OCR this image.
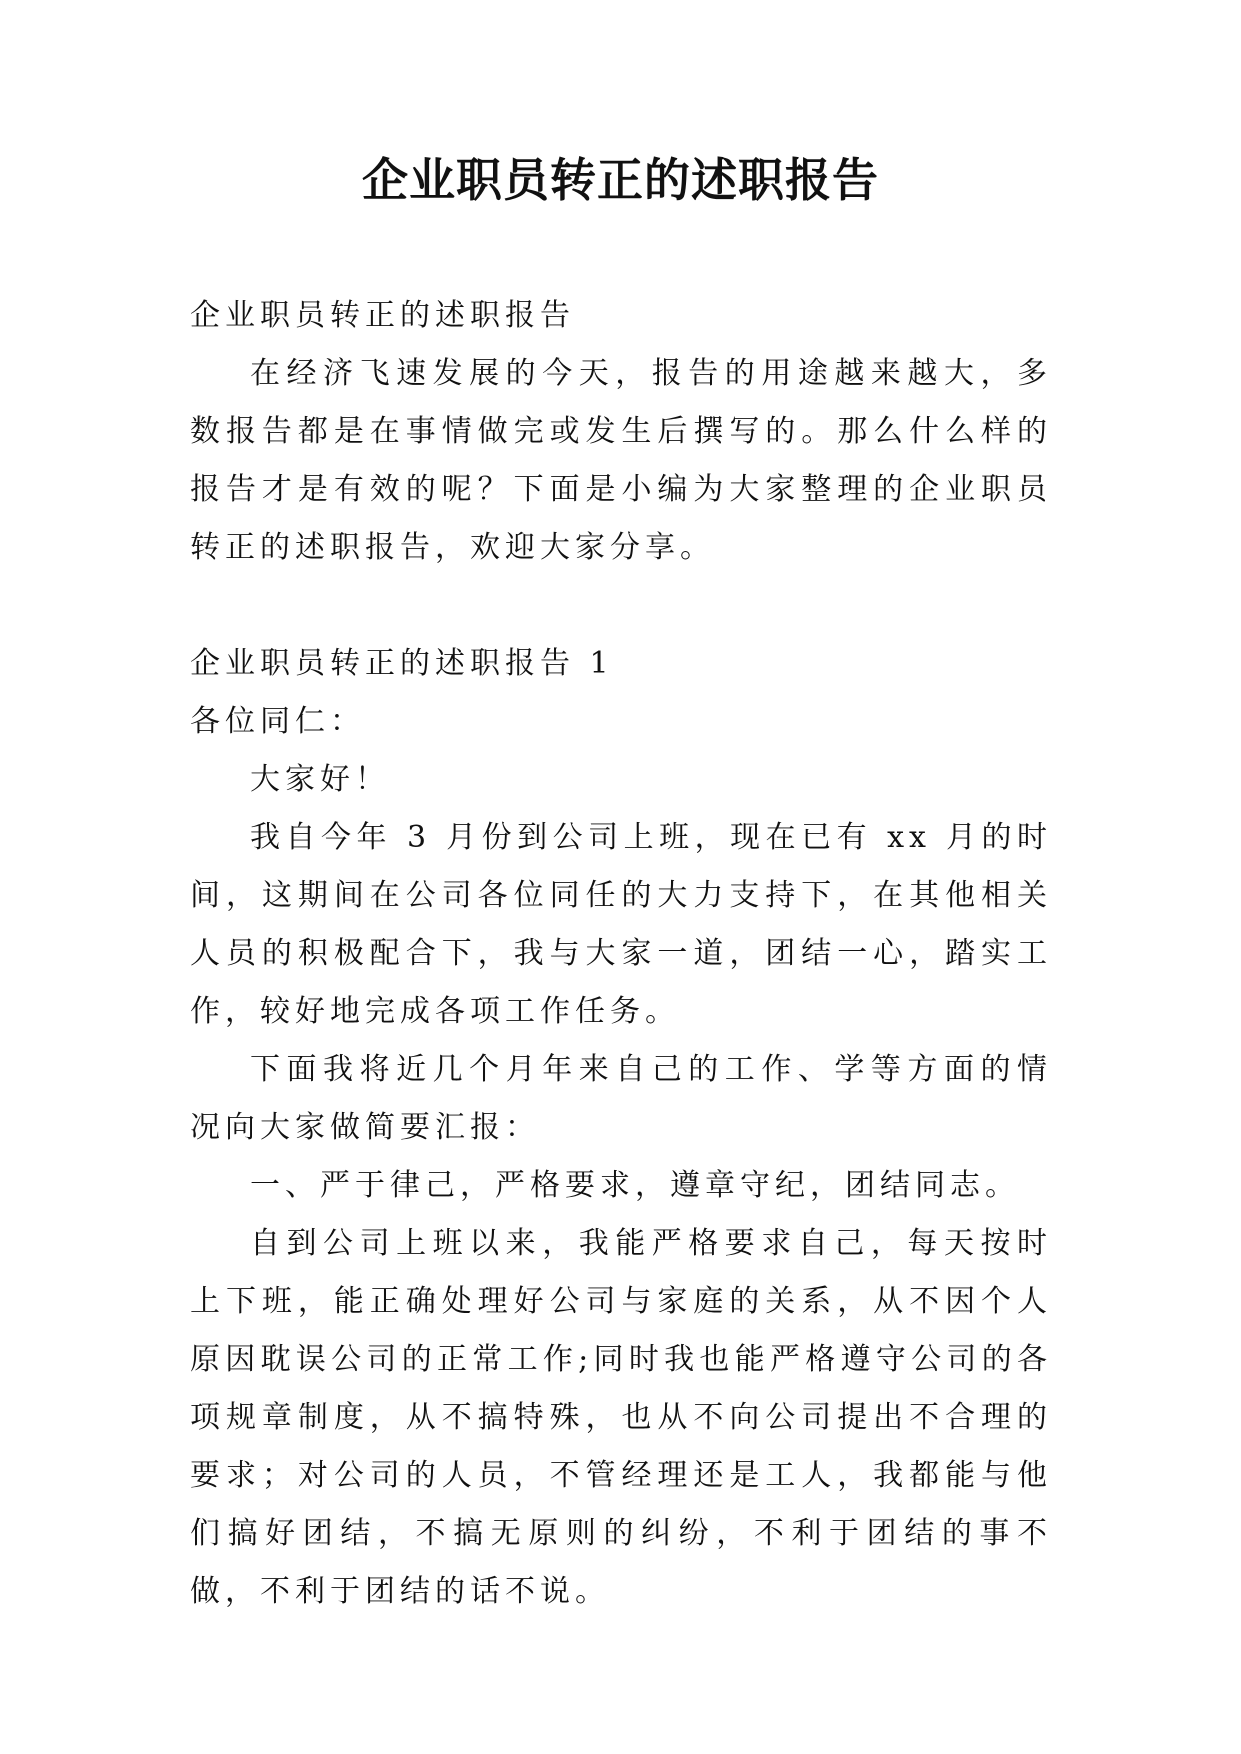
企业职员转正的述职报告

企业职员转正的述职报告

在经济飞速发展的今天，报告的用途越来越大，多数报告都是在事情做完或发生后撰写的。那么什么样的报告才是有效的呢？下面是小编为大家整理的企业职员转正的述职报告，欢迎大家分享。

企业职员转正的述职报告 1

各位同仁：

大家好！

我自今年 3 月份到公司上班，现在已有 xx 月的时间，这期间在公司各位同任的大力支持下，在其他相关人员的积极配合下，我与大家一道，团结一心，踏实工作，较好地完成各项工作任务。

下面我将近几个月年来自己的工作、学等方面的情况向大家做简要汇报：

一、严于律己，严格要求，遵章守纪，团结同志。

自到公司上班以来，我能严格要求自己，每天按时上下班，能正确处理好公司与家庭的关系，从不因个人原因耽误公司的正常工作;同时我也能严格遵守公司的各项规章制度，从不搞特殊，也从不向公司提出不合理的要求；对公司的人员，不管经理还是工人，我都能与他们搞好团结，不搞无原则的纠纷，不利于团结的事不做，不利于团结的话不说。
